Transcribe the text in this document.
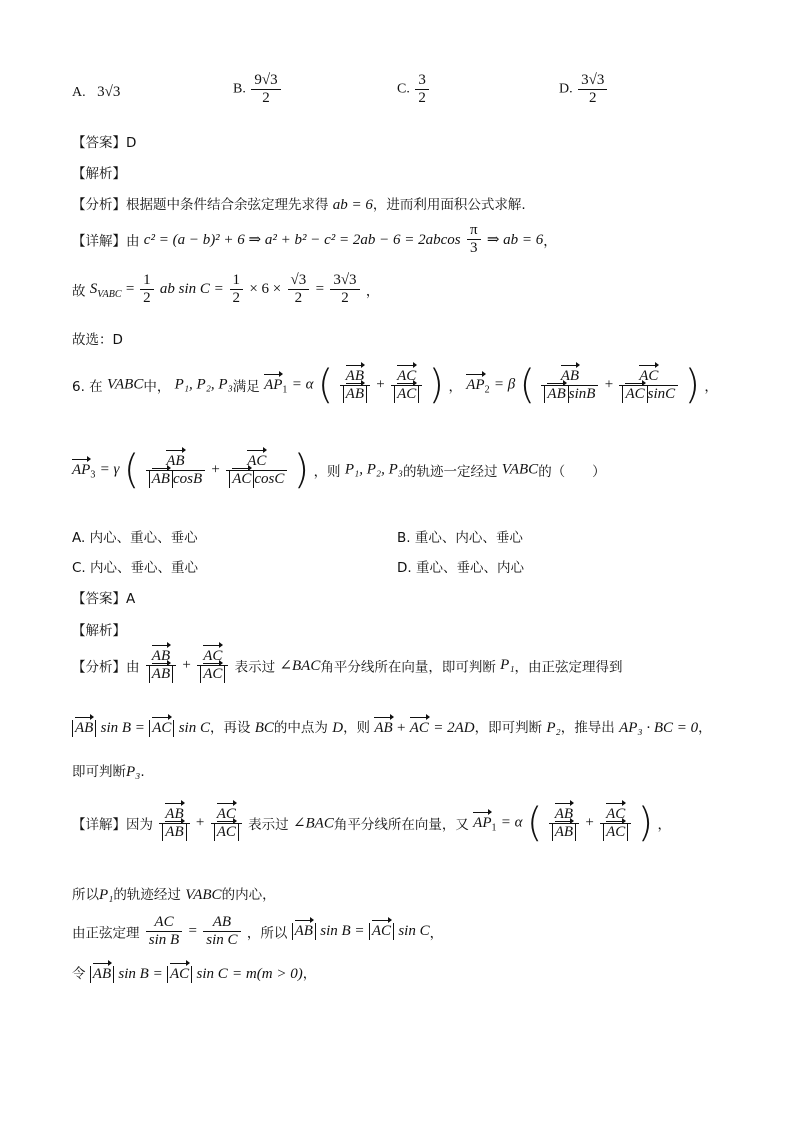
A. 3√3	B. $\frac{9√3}{2}$	C. $\frac{3}{2}$	D. $\frac{3√3}{2}$
【答案】D
【解析】
【分析】根据题中条件结合余弦定理先求得 ab = 6，进而利用面积公式求解.
【详解】由 c² = (a − b)² + 6 ⇒ $a^2 + b^2 - c^2 = 2ab - 6 = 2abcos \frac{\pi}{3}$ ⇒ ab = 6，
故 $S_{VABC} = \frac{1}{2}$ ab $\sin C = \frac{1}{2} \times 6 \times \frac{√3}{2} = \frac{3√3}{2}$ ，
故选：D
6. 在 VABC中， P₁, P₂, P₃满足 $AP_1 = \alpha$ ( $\frac{AB}{AB} + \frac{AC}{AC}$ ) ， $AP_2 = \beta$ ( $\frac{AB}{\text{AB sinB}} + \frac{AC}{\text{AC sinC}}$ ) ，
$AP_3 = \gamma$ ( $\frac{AB}{\text{AB cosB}} + \frac{AC}{\text{AC cosC}}$ ) ，则 P₁, P₂, P₃的轨迹一定经过 VABC的（　　）
A. 内心、重心、垂心	B. 重心、内心、垂心
C. 内心、垂心、重心	D. 重心、垂心、内心
【答案】A
【解析】
【分析】由 $\frac{AB}{AB} + \frac{AC}{AC}$ 表示过 ∠BAC角平分线所在向量，即可判断 P₁，由正弦定理得到
AB sin B = AC sin C，再设 BC的中点为 D，则 AB + AC = 2AD，即可判断 P₂，推导出 AP₃ · BC = 0，
即可判断P₃.
【详解】因为 $\frac{AB}{AB} + \frac{AC}{AC}$ 表示过 ∠BAC角平分线所在向量，又 $AP_1 = \alpha$ ( $\frac{AB}{AB} + \frac{AC}{AC}$ ) ，
所以P₁的轨迹经过 VABC的内心，
由正弦定理 $\frac{AC}{\text{sin B}} = \frac{AB}{\text{sin C}}$ ，所以 AB sin B = AC sin C，
令 AB sin B = AC sin C = m(m > 0)，
